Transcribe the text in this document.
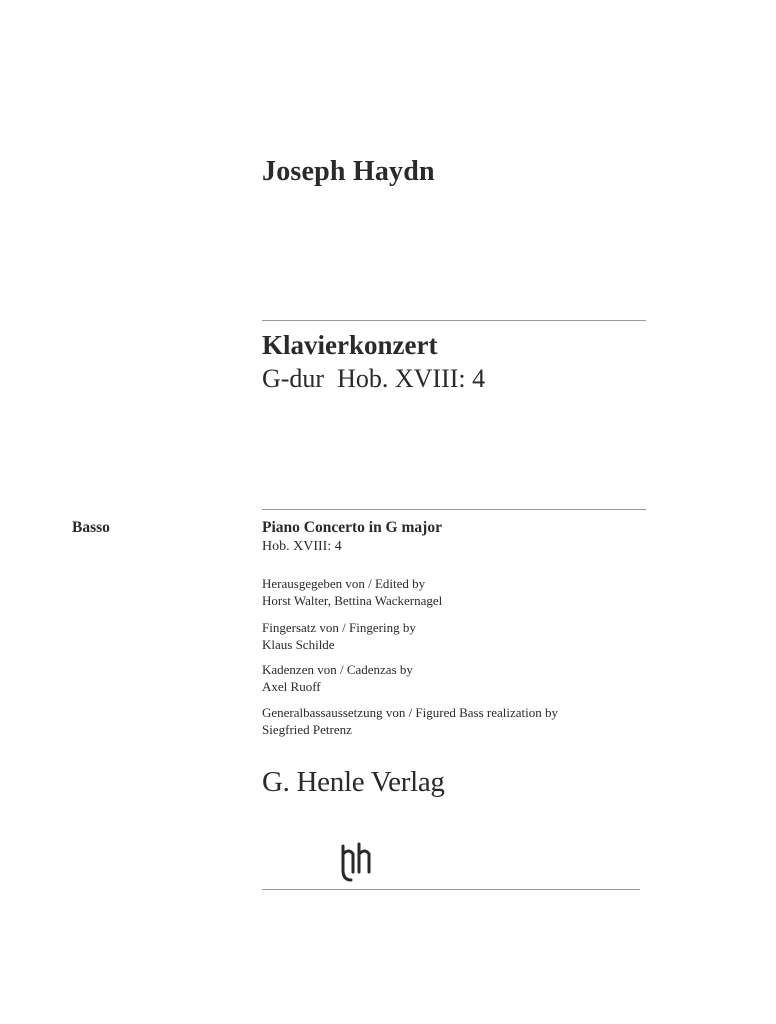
Joseph Haydn
Klavierkonzert
G-dur  Hob. XVIII: 4
Basso	Piano Concerto in G major
Hob. XVIII: 4
Herausgegeben von / Edited by
Horst Walter, Bettina Wackernagel
Fingersatz von / Fingering by
Klaus Schilde
Kadenzen von / Cadenzas by
Axel Ruoff
Generalbassaussetzung von / Figured Bass realization by
Siegfried Petrenz
G. Henle Verlag
